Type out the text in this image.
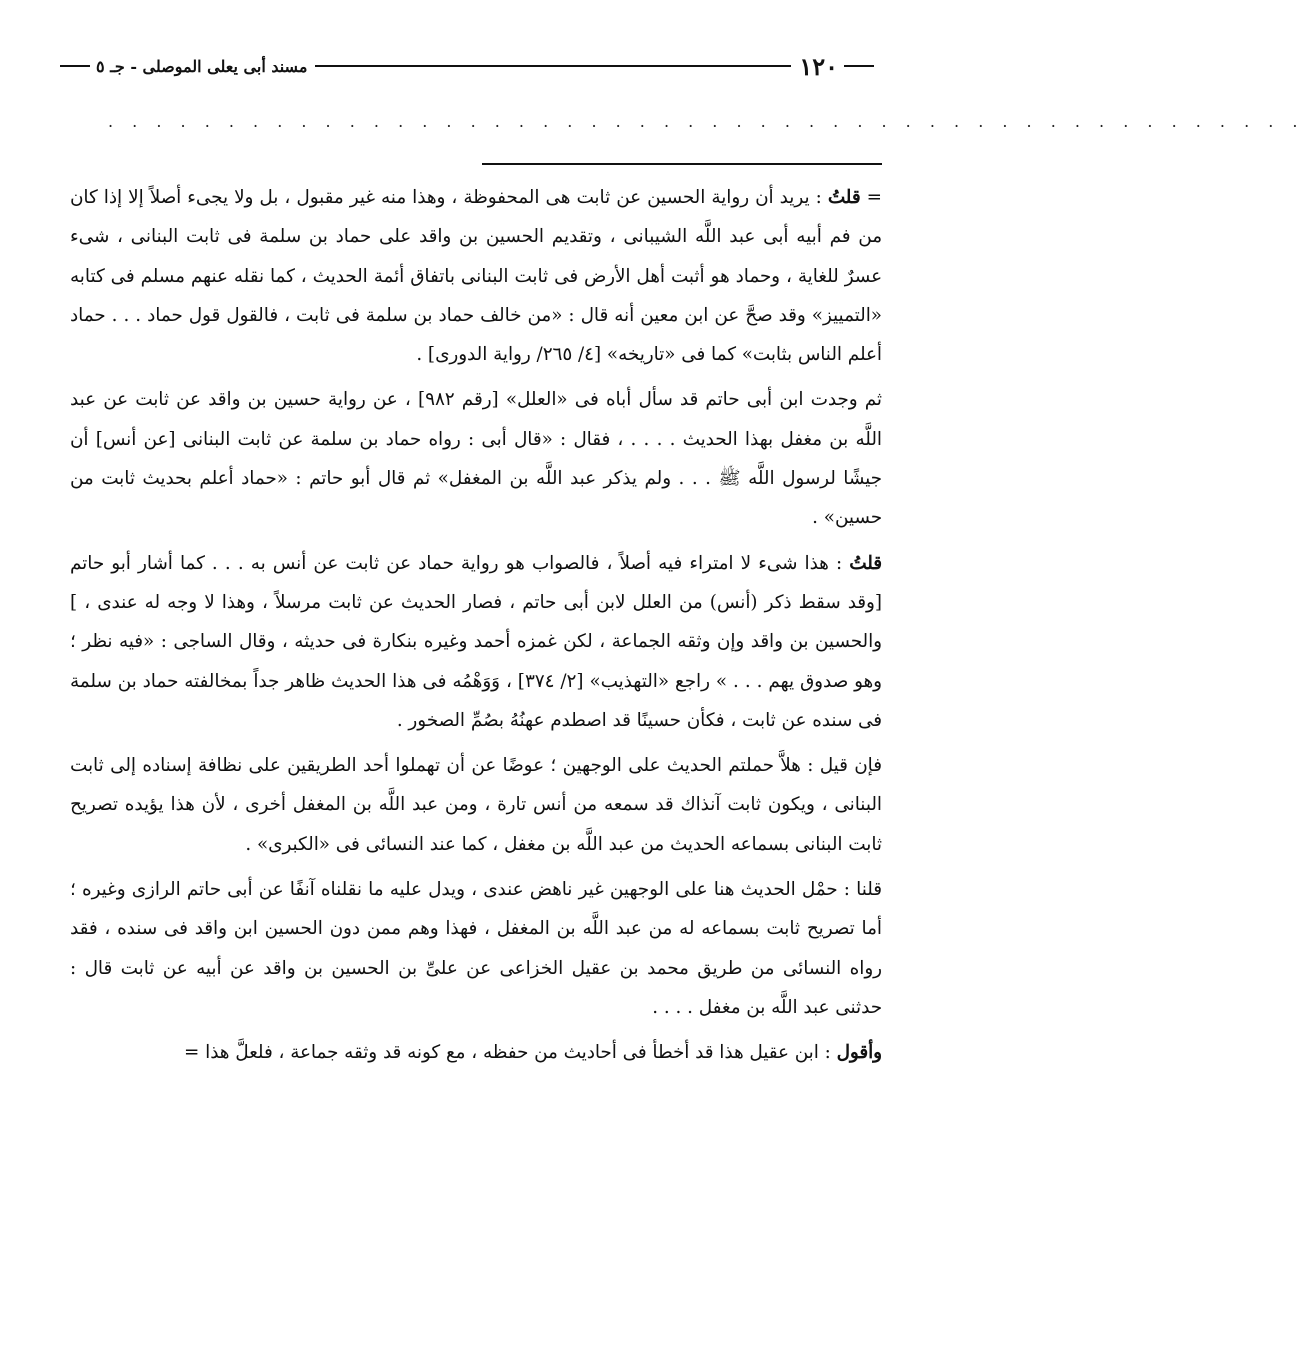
١٢٠
مسند أبى يعلى الموصلى - جـ ٥
. . . . . . . . . . . . . . . . . . . . . . . . . . . . . . . . . . . . . . . . . . . . . . . . . .

= قلتُ : يريد أن رواية الحسين عن ثابت هى المحفوظة ، وهذا منه غير مقبول ، بل ولا يجىء أصلاً إلا إذا كان من فم أبيه أبى عبد اللَّه الشيبانى ، وتقديم الحسين بن واقد على حماد بن سلمة فى ثابت البنانى ، شىء عسرٌ للغاية ، وحماد هو أثبت أهل الأرض فى ثابت البنانى باتفاق أئمة الحديث ، كما نقله عنهم مسلم فى كتابه «التمييز» وقد صحَّ عن ابن معين أنه قال : «من خالف حماد بن سلمة فى ثابت ، فالقول قول حماد . . . حماد أعلم الناس بثابت» كما فى «تاريخه» [٤/ ٢٦٥/ رواية الدورى] .

ثم وجدت ابن أبى حاتم قد سأل أباه فى «العلل» [رقم ٩٨٢] ، عن رواية حسين بن واقد عن ثابت عن عبد اللَّه بن مغفل بهذا الحديث . . . . ، فقال : «قال أبى : رواه حماد بن سلمة عن ثابت البنانى [عن أنس] أن جيشًا لرسول اللَّه ﷺ . . . ولم يذكر عبد اللَّه بن المغفل» ثم قال أبو حاتم : «حماد أعلم بحديث ثابت من حسين» .

قلتُ : هذا شىء لا امتراء فيه أصلاً ، فالصواب هو رواية حماد عن ثابت عن أنس به . . . كما أشار أبو حاتم [وقد سقط ذكر (أنس) من العلل لابن أبى حاتم ، فصار الحديث عن ثابت مرسلاً ، وهذا لا وجه له عندى ، ] والحسين بن واقد وإن وثقه الجماعة ، لكن غمزه أحمد وغيره بنكارة فى حديثه ، وقال الساجى : «فيه نظر ؛ وهو صدوق يهم . . . » راجع «التهذيب» [٢/ ٣٧٤] ، وَوَهْمُه فى هذا الحديث ظاهر جداً بمخالفته حماد بن سلمة فى سنده عن ثابت ، فكأن حسينًا قد اصطدم عهنُهُ بصُمِّ الصخور .

فإن قيل : هلاَّ حملتم الحديث على الوجهين ؛ عوضًا عن أن تهملوا أحد الطريقين على نظافة إسناده إلى ثابت البنانى ، ويكون ثابت آنذاك قد سمعه من أنس تارة ، ومن عبد اللَّه بن المغفل أخرى ، لأن هذا يؤيده تصريح ثابت البنانى بسماعه الحديث من عبد اللَّه بن مغفل ، كما عند النسائى فى «الكبرى» .

قلنا : حمْل الحديث هنا على الوجهين غير ناهض عندى ، ويدل عليه ما نقلناه آنفًا عن أبى حاتم الرازى وغيره ؛ أما تصريح ثابت بسماعه له من عبد اللَّه بن المغفل ، فهذا وهم ممن دون الحسين ابن واقد فى سنده ، فقد رواه النسائى من طريق محمد بن عقيل الخزاعى عن علىِّ بن الحسين بن واقد عن أبيه عن ثابت قال : حدثنى عبد اللَّه بن مغفل . . . .

وأقول : ابن عقيل هذا قد أخطأ فى أحاديث من حفظه ، مع كونه قد وثقه جماعة ، فلعلَّ هذا =
